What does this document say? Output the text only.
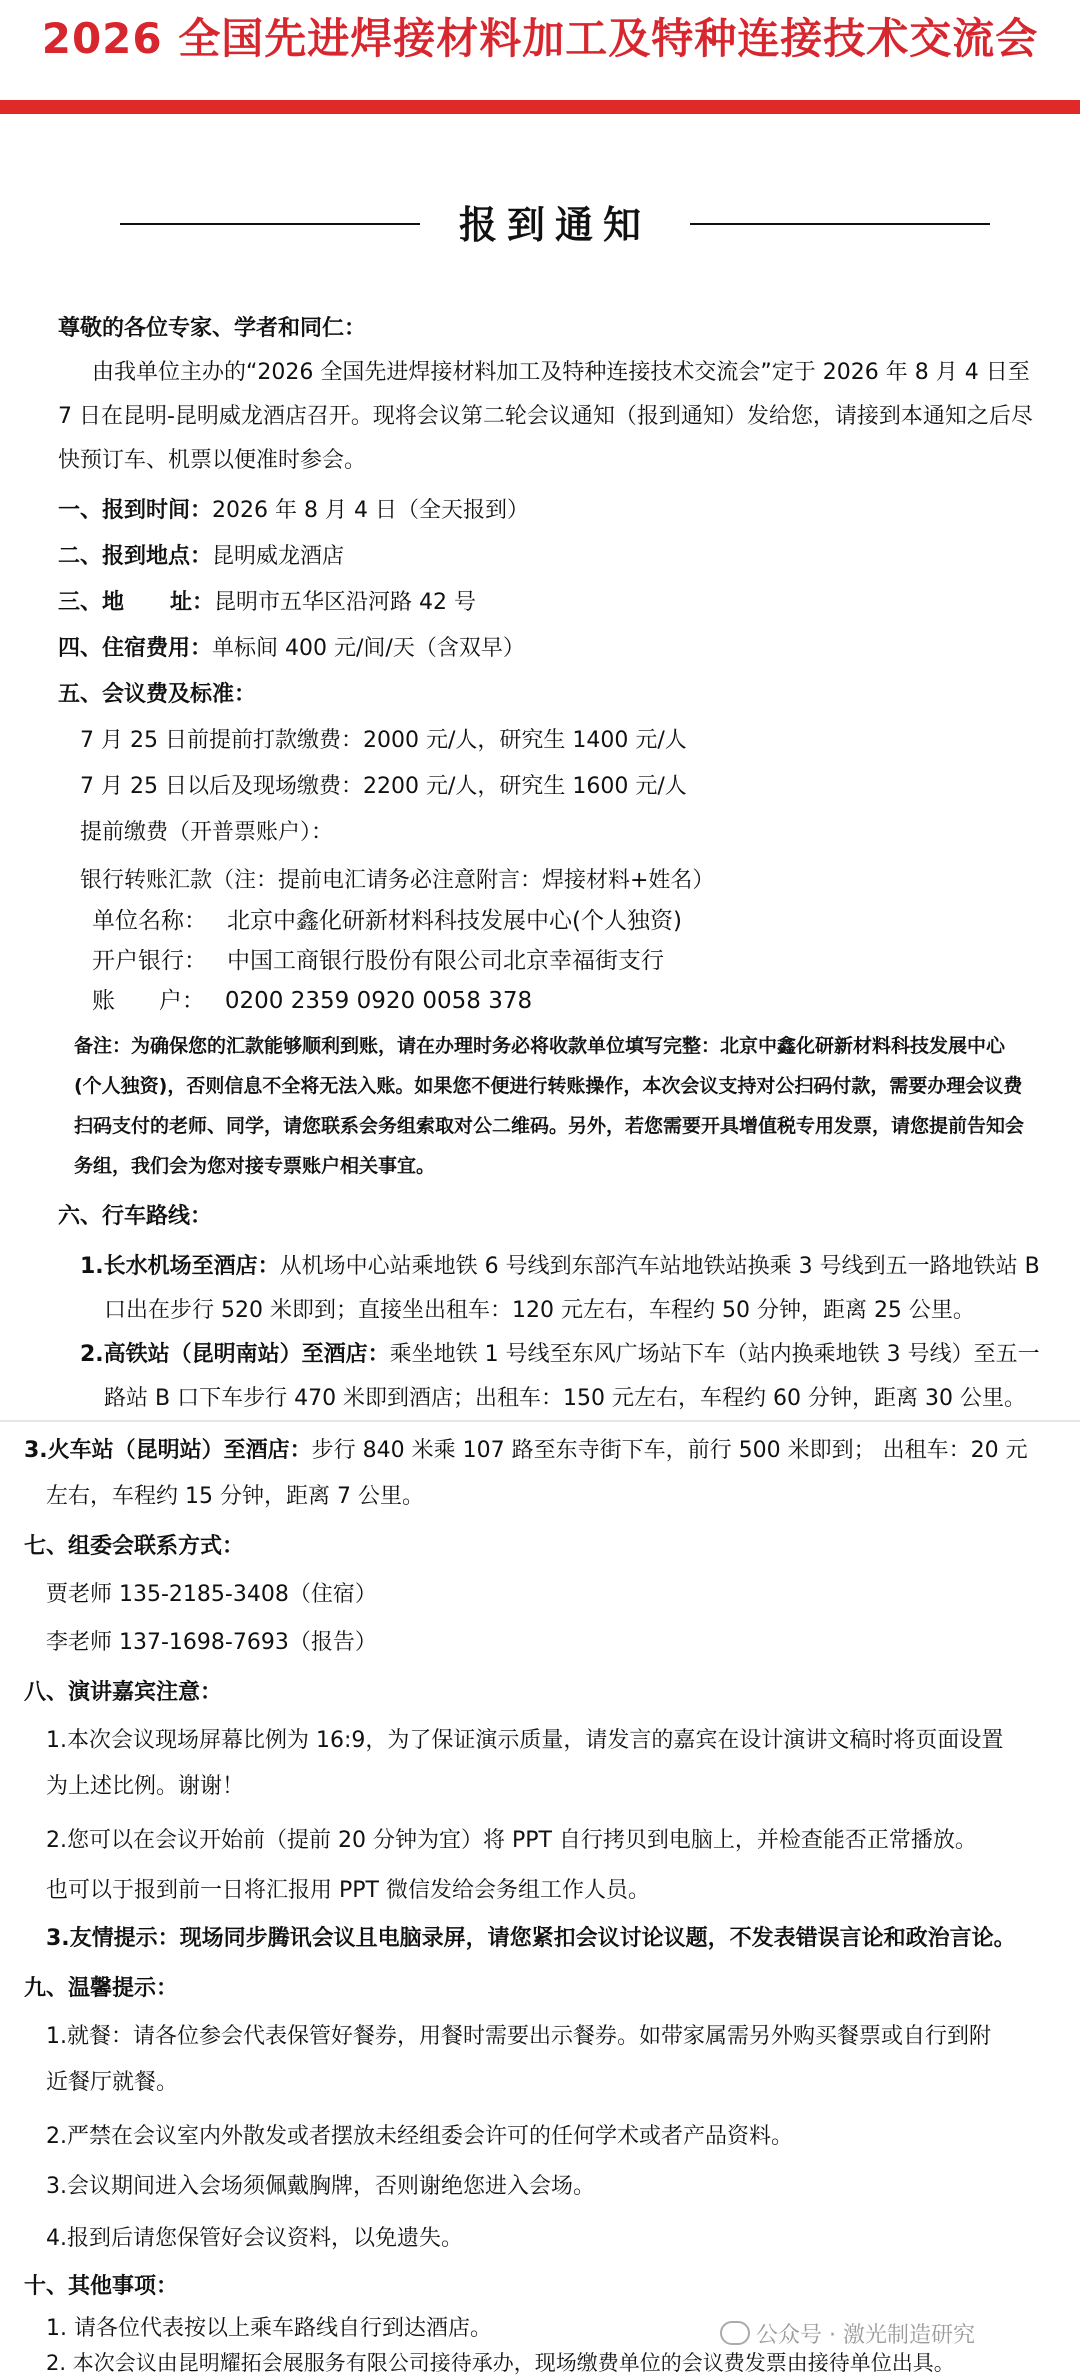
2026 全国先进焊接材料加工及特种连接技术交流会
报到通知
尊敬的各位专家、学者和同仁：
由我单位主办的“2026 全国先进焊接材料加工及特种连接技术交流会”定于 2026 年 8 月 4 日至
7 日在昆明-昆明威龙酒店召开。现将会议第二轮会议通知（报到通知）发给您，请接到本通知之后尽
快预订车、机票以便准时参会。
一、报到时间：2026 年 8 月 4 日（全天报到）
二、报到地点：昆明威龙酒店
三、地      址：昆明市五华区沿河路 42 号
四、住宿费用：单标间 400 元/间/天（含双早）
五、会议费及标准：
7 月 25 日前提前打款缴费：2000 元/人，研究生 1400 元/人
7 月 25 日以后及现场缴费：2200 元/人，研究生 1600 元/人
提前缴费（开普票账户）：
银行转账汇款（注：提前电汇请务必注意附言：焊接材料+姓名）
单位名称： 北京中鑫化研新材料科技发展中心(个人独资)
开户银行： 中国工商银行股份有限公司北京幸福街支行
账      户： 0200 2359 0920 0058 378
备注：为确保您的汇款能够顺利到账，请在办理时务必将收款单位填写完整：北京中鑫化研新材料科技发展中心
(个人独资)，否则信息不全将无法入账。如果您不便进行转账操作，本次会议支持对公扫码付款，需要办理会议费
扫码支付的老师、同学，请您联系会务组索取对公二维码。另外，若您需要开具增值税专用发票，请您提前告知会
务组，我们会为您对接专票账户相关事宜。
六、行车路线：
1.长水机场至酒店：从机场中心站乘地铁 6 号线到东部汽车站地铁站换乘 3 号线到五一路地铁站 B
口出在步行 520 米即到；直接坐出租车：120 元左右，车程约 50 分钟，距离 25 公里。
2.高铁站（昆明南站）至酒店：乘坐地铁 1 号线至东风广场站下车（站内换乘地铁 3 号线）至五一
路站 B 口下车步行 470 米即到酒店；出租车：150 元左右，车程约 60 分钟，距离 30 公里。
3.火车站（昆明站）至酒店：步行 840 米乘 107 路至东寺街下车，前行 500 米即到； 出租车：20 元
左右，车程约 15 分钟，距离 7 公里。
七、组委会联系方式：
贾老师 135-2185-3408（住宿）
李老师 137-1698-7693（报告）
八、演讲嘉宾注意：
1.本次会议现场屏幕比例为 16:9，为了保证演示质量，请发言的嘉宾在设计演讲文稿时将页面设置
为上述比例。谢谢！
2.您可以在会议开始前（提前 20 分钟为宜）将 PPT 自行拷贝到电脑上，并检查能否正常播放。
也可以于报到前一日将汇报用 PPT 微信发给会务组工作人员。
3.友情提示：现场同步腾讯会议且电脑录屏，请您紧扣会议讨论议题，不发表错误言论和政治言论。
九、温馨提示：
1.就餐：请各位参会代表保管好餐券，用餐时需要出示餐券。如带家属需另外购买餐票或自行到附
近餐厅就餐。
2.严禁在会议室内外散发或者摆放未经组委会许可的任何学术或者产品资料。
3.会议期间进入会场须佩戴胸牌，否则谢绝您进入会场。
4.报到后请您保管好会议资料，以免遗失。
十、其他事项：
1. 请各位代表按以上乘车路线自行到达酒店。
2. 本次会议由昆明耀拓会展服务有限公司接待承办，现场缴费单位的会议费发票由接待单位出具。
公众号 · 激光制造研究
